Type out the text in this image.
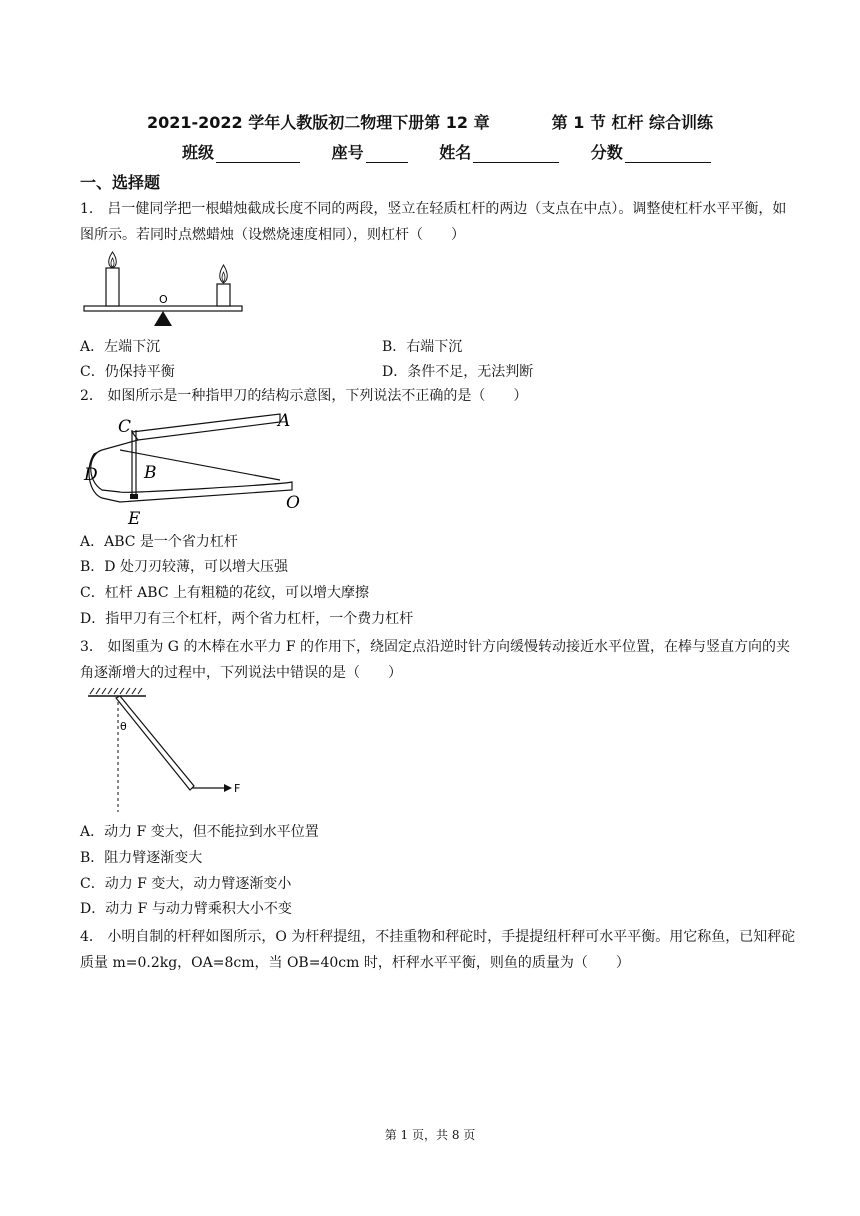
2021-2022 学年人教版初二物理下册第 12 章	第 1 节 杠杆 综合训练
班级	座号	姓名	分数
一、选择题
1． 吕一健同学把一根蜡烛截成长度不同的两段，竖立在轻质杠杆的两边（支点在中点）。调整使杠杆水平平衡，如图所示。若同时点燃蜡烛（设燃烧速度相同），则杠杆（　　）
O
A．左端下沉	B．右端下沉
C．仍保持平衡	D．条件不足，无法判断
2． 如图所示是一种指甲刀的结构示意图，下列说法不正确的是（　　）
C	A
D	B
O
E
A．ABC 是一个省力杠杆
B．D 处刀刃较薄，可以增大压强
C．杠杆 ABC 上有粗糙的花纹，可以增大摩擦
D．指甲刀有三个杠杆，两个省力杠杆，一个费力杠杆
3． 如图重为 G 的木棒在水平力 F 的作用下，绕固定点沿逆时针方向缓慢转动接近水平位置，在棒与竖直方向的夹角逐渐增大的过程中，下列说法中错误的是（　　）
θ
F
A．动力 F 变大，但不能拉到水平位置
B．阻力臂逐渐变大
C．动力 F 变大，动力臂逐渐变小
D．动力 F 与动力臂乘积大小不变
4． 小明自制的杆秤如图所示，O 为杆秤提纽，不挂重物和秤砣时，手提提纽杆秤可水平平衡。用它称鱼，已知秤砣质量 m=0.2kg，OA=8cm，当 OB=40cm 时，杆秤水平平衡，则鱼的质量为（　　）
第 1 页，共 8 页
